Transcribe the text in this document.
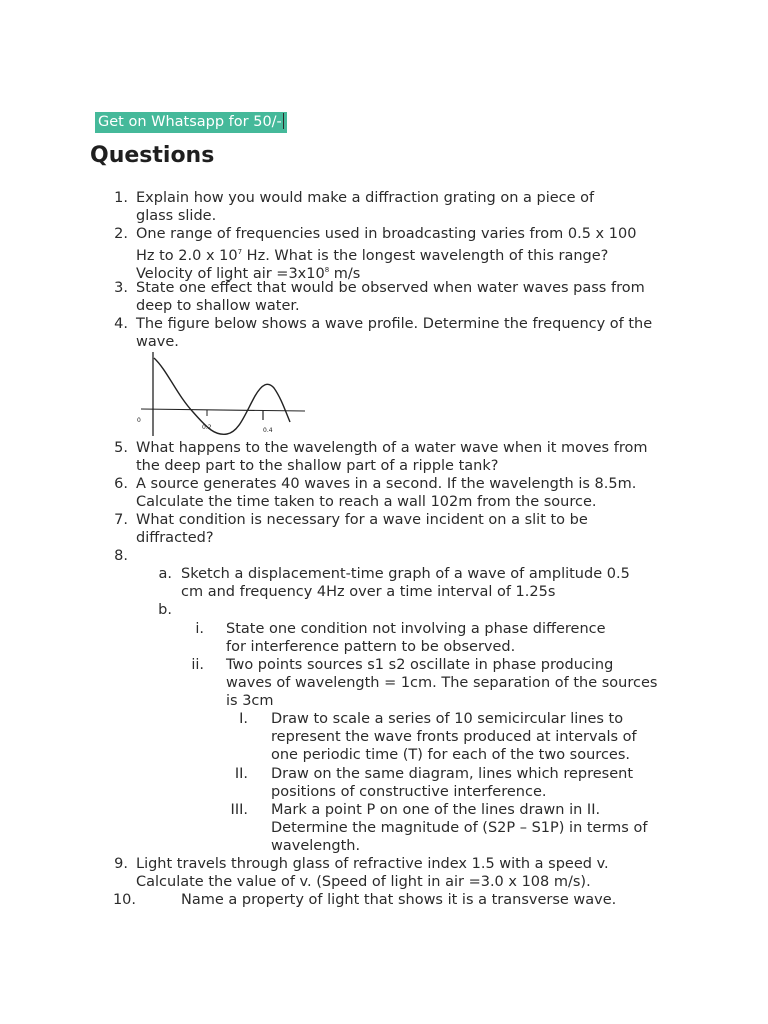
Get on Whatsapp for 50/-
Questions
1. Explain how you would make a diffraction grating on a piece of
glass slide.
2. One range of frequencies used in broadcasting varies from 0.5 x 100
Hz to 2.0 x $10^7$ Hz. What is the longest wavelength of this range?
Velocity of light air $=3x10^8$ m/s
3. State one effect that would be observed when water waves pass from
deep to shallow water.
4. The figure below shows a wave profile. Determine the frequency of the
wave.
0
0.2	0.4
5. What happens to the wavelength of a water wave when it moves from
the deep part to the shallow part of a ripple tank?
6. A source generates 40 waves in a second. If the wavelength is 8.5m.
Calculate the time taken to reach a wall 102m from the source.
7. What condition is necessary for a wave incident on a slit to be
diffracted?
8.
a. Sketch a displacement-time graph of a wave of amplitude 0.5
cm and frequency 4Hz over a time interval of 1.25s
b.
i. State one condition not involving a phase difference
for interference pattern to be observed.
ii. Two points sources s1 s2 oscillate in phase producing
waves of wavelength = 1cm. The separation of the sources
is 3cm
I. Draw to scale a series of 10 semicircular lines to
represent the wave fronts produced at intervals of
one periodic time (T) for each of the two sources.
II. Draw on the same diagram, lines which represent
positions of constructive interference.
III. Mark a point P on one of the lines drawn in II.
Determine the magnitude of (S2P – S1P) in terms of
wavelength.
9. Light travels through glass of refractive index 1.5 with a speed v.
Calculate the value of v. (Speed of light in air =3.0 x 108 m/s).
10.	Name a property of light that shows it is a transverse wave.
